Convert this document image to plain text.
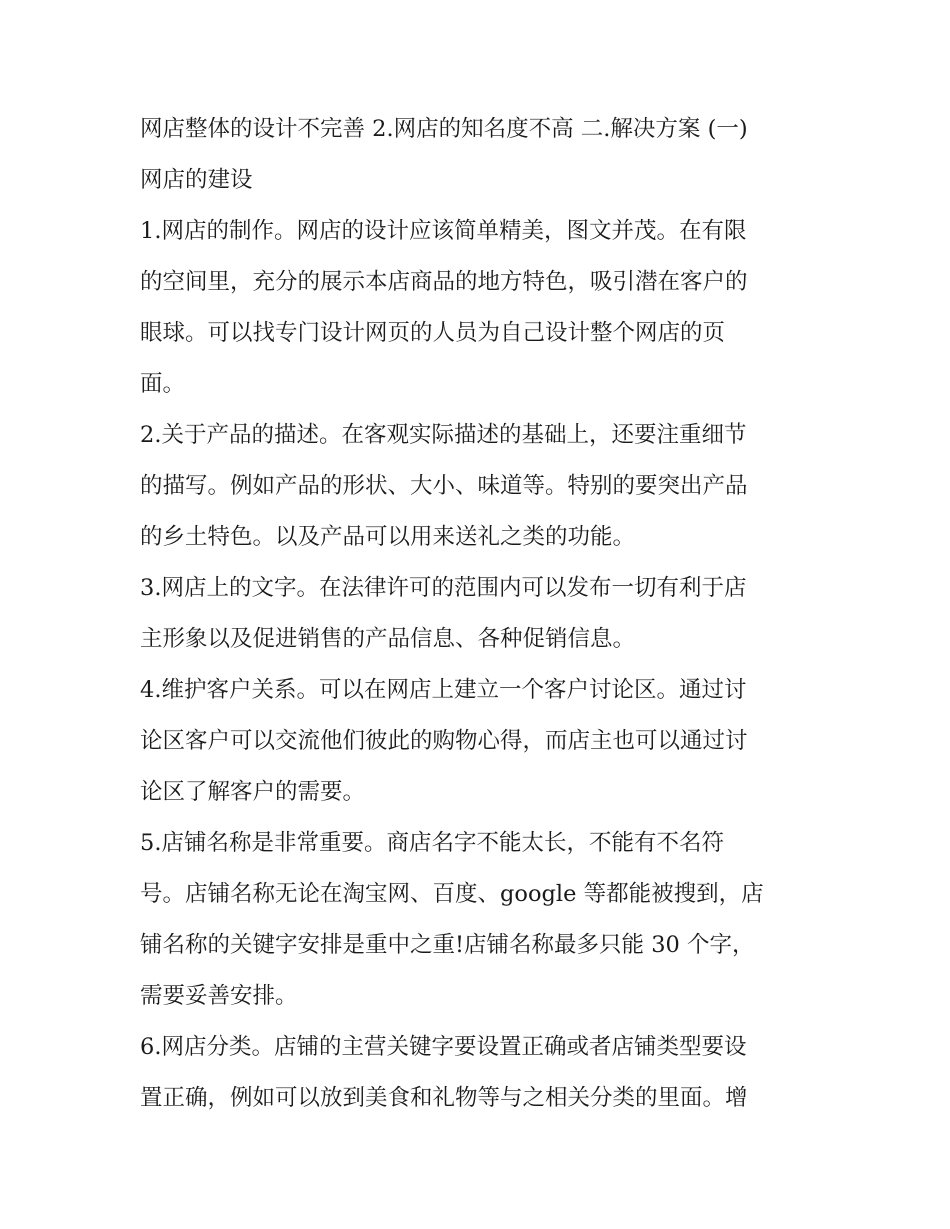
网店整体的设计不完善 2.网店的知名度不高 二.解决方案 (一)
网店的建设

1.网店的制作。网店的设计应该简单精美，图文并茂。在有限
的空间里，充分的展示本店商品的地方特色，吸引潜在客户的
眼球。可以找专门设计网页的人员为自己设计整个网店的页
面。

2.关于产品的描述。在客观实际描述的基础上，还要注重细节
的描写。例如产品的形状、大小、味道等。特别的要突出产品
的乡土特色。以及产品可以用来送礼之类的功能。

3.网店上的文字。在法律许可的范围内可以发布一切有利于店
主形象以及促进销售的产品信息、各种促销信息。

4.维护客户关系。可以在网店上建立一个客户讨论区。通过讨
论区客户可以交流他们彼此的购物心得，而店主也可以通过讨
论区了解客户的需要。

5.店铺名称是非常重要。商店名字不能太长，不能有不名符
号。店铺名称无论在淘宝网、百度、google 等都能被搜到，店
铺名称的关键字安排是重中之重!店铺名称最多只能 30 个字，
需要妥善安排。

6.网店分类。店铺的主营关键字要设置正确或者店铺类型要设
置正确，例如可以放到美食和礼物等与之相关分类的里面。增
